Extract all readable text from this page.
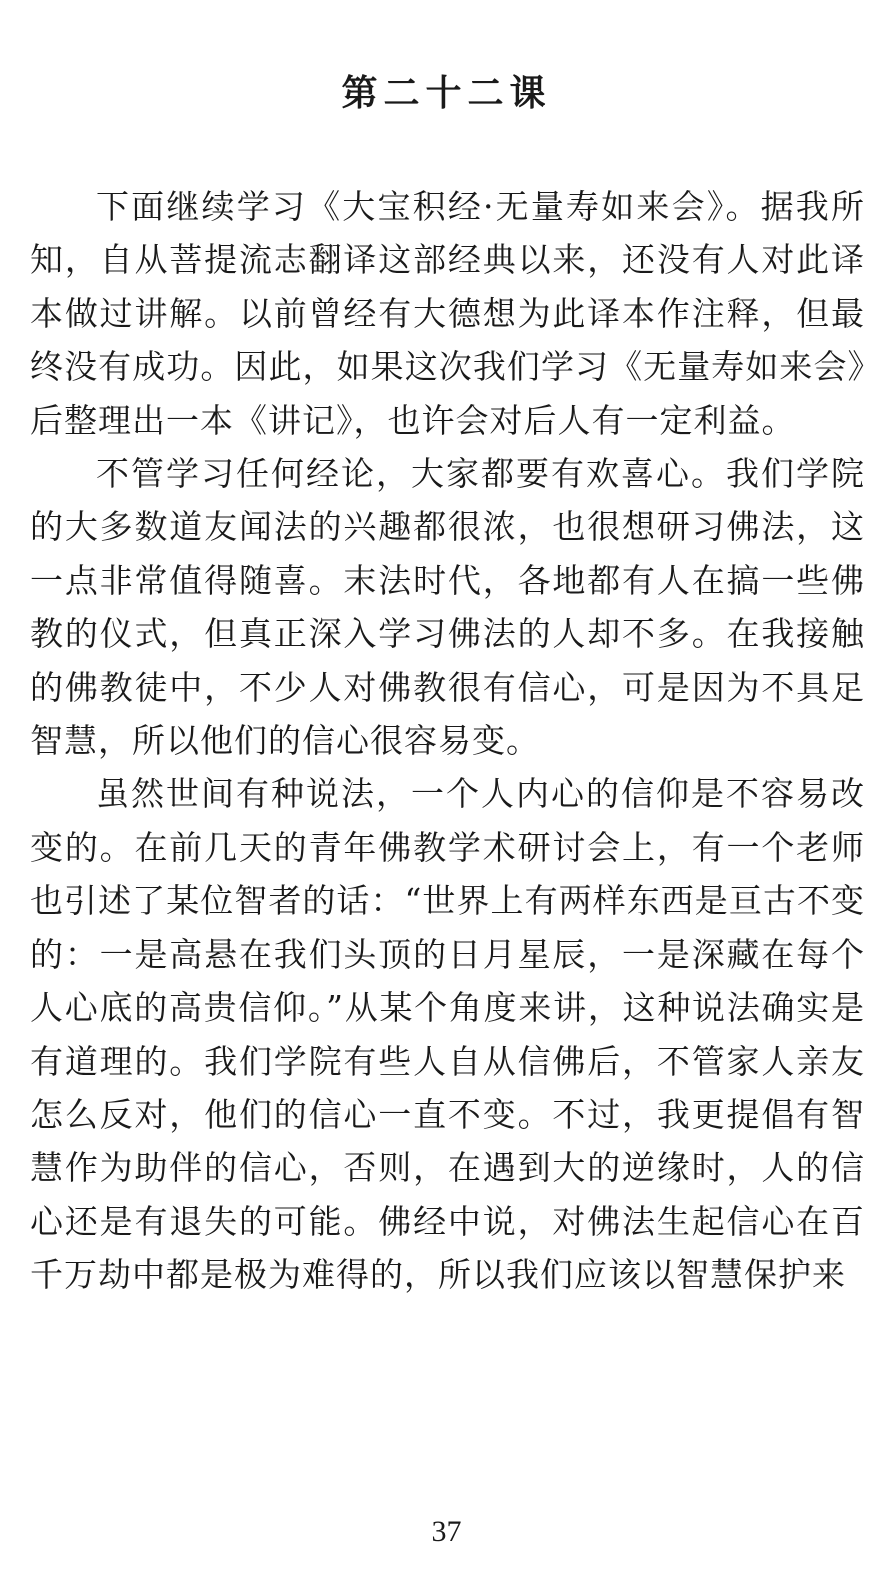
第二十二课

下面继续学习《大宝积经·无量寿如来会》。据我所知，自从菩提流志翻译这部经典以来，还没有人对此译本做过讲解。以前曾经有大德想为此译本作注释，但最终没有成功。因此，如果这次我们学习《无量寿如来会》后整理出一本《讲记》，也许会对后人有一定利益。

不管学习任何经论，大家都要有欢喜心。我们学院的大多数道友闻法的兴趣都很浓，也很想研习佛法，这一点非常值得随喜。末法时代，各地都有人在搞一些佛教的仪式，但真正深入学习佛法的人却不多。在我接触的佛教徒中，不少人对佛教很有信心，可是因为不具足智慧，所以他们的信心很容易变。

虽然世间有种说法，一个人内心的信仰是不容易改变的。在前几天的青年佛教学术研讨会上，有一个老师也引述了某位智者的话：“世界上有两样东西是亘古不变的：一是高悬在我们头顶的日月星辰，一是深藏在每个人心底的高贵信仰。”从某个角度来讲，这种说法确实是有道理的。我们学院有些人自从信佛后，不管家人亲友怎么反对，他们的信心一直不变。不过，我更提倡有智慧作为助伴的信心，否则，在遇到大的逆缘时，人的信心还是有退失的可能。佛经中说，对佛法生起信心在百千万劫中都是极为难得的，所以我们应该以智慧保护来

37
